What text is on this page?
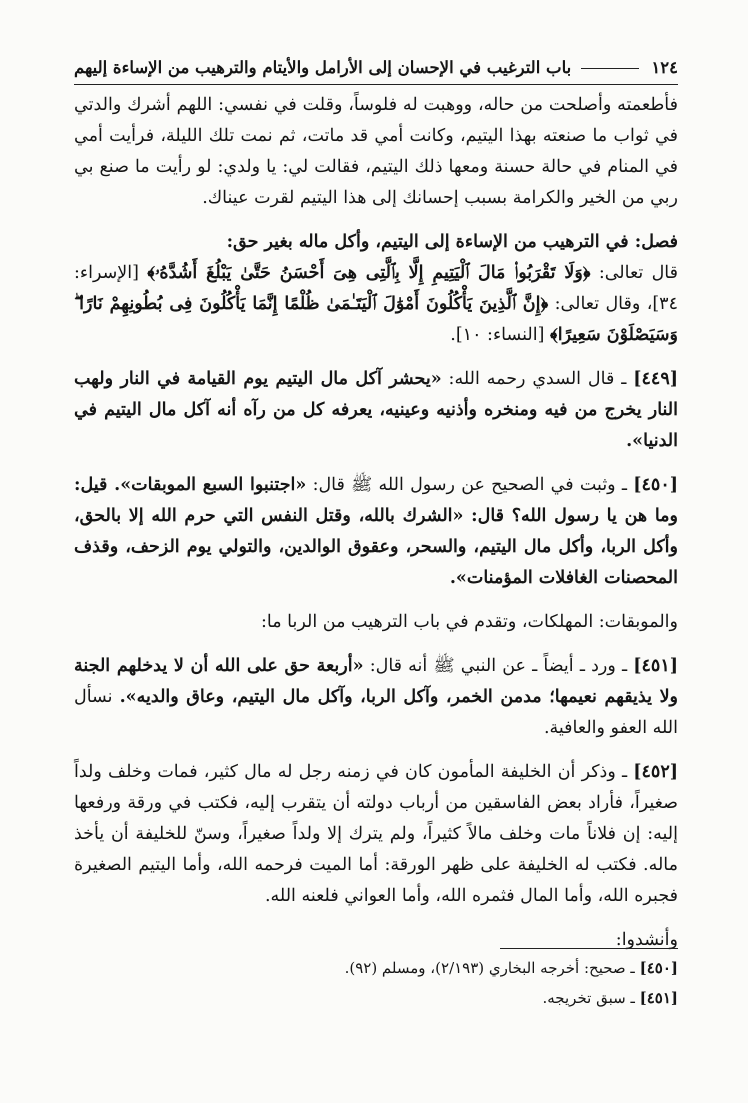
١٢٤
باب الترغيب في الإحسان إلى الأرامل والأيتام والترهيب من الإساءة إليهم

فأطعمته وأصلحت من حاله، ووهبت له فلوساً، وقلت في نفسي: اللهم أشرك والدتي في ثواب ما صنعته بهذا اليتيم، وكانت أمي قد ماتت، ثم نمت تلك الليلة، فرأيت أمي في المنام في حالة حسنة ومعها ذلك اليتيم، فقالت لي: يا ولدي: لو رأيت ما صنع بي ربي من الخير والكرامة بسبب إحسانك إلى هذا اليتيم لقرت عيناك.

فصل: في الترهيب من الإساءة إلى اليتيم، وأكل ماله بغير حق:

قال تعالى: ﴿وَلَا تَقْرَبُوا۟ مَالَ ٱلْيَتِيمِ إِلَّا بِٱلَّتِى هِىَ أَحْسَنُ حَتَّىٰ يَبْلُغَ أَشُدَّهُۥ﴾ [الإسراء: ٣٤]، وقال تعالى: ﴿إِنَّ ٱلَّذِينَ يَأْكُلُونَ أَمْوَٰلَ ٱلْيَتَـٰمَىٰ ظُلْمًا إِنَّمَا يَأْكُلُونَ فِى بُطُونِهِمْ نَارًا ۖ وَسَيَصْلَوْنَ سَعِيرًا﴾ [النساء: ١٠].

[٤٤٩] ـ قال السدي رحمه الله: «يحشر آكل مال اليتيم يوم القيامة في النار ولهب النار يخرج من فيه ومنخره وأذنيه وعينيه، يعرفه كل من رآه أنه آكل مال اليتيم في الدنيا».

[٤٥٠] ـ وثبت في الصحيح عن رسول الله ﷺ قال: «اجتنبوا السبع الموبقات». قيل: وما هن يا رسول الله؟ قال: «الشرك بالله، وقتل النفس التي حرم الله إلا بالحق، وأكل الربا، وأكل مال اليتيم، والسحر، وعقوق الوالدين، والتولي يوم الزحف، وقذف المحصنات الغافلات المؤمنات».

والموبقات: المهلكات، وتقدم في باب الترهيب من الربا ما:

[٤٥١] ـ ورد ـ أيضاً ـ عن النبي ﷺ أنه قال: «أربعة حق على الله أن لا يدخلهم الجنة ولا يذيقهم نعيمها؛ مدمن الخمر، وآكل الربا، وآكل مال اليتيم، وعاق والديه». نسأل الله العفو والعافية.

[٤٥٢] ـ وذكر أن الخليفة المأمون كان في زمنه رجل له مال كثير، فمات وخلف ولداً صغيراً، فأراد بعض الفاسقين من أرباب دولته أن يتقرب إليه، فكتب في ورقة ورفعها إليه: إن فلاناً مات وخلف مالاً كثيراً، ولم يترك إلا ولداً صغيراً، وسنّ للخليفة أن يأخذ ماله. فكتب له الخليفة على ظهر الورقة: أما الميت فرحمه الله، وأما اليتيم الصغيرة فجبره الله، وأما المال فثمره الله، وأما العواني فلعنه الله.

وأنشدوا:

[٤٥٠] ـ صحيح: أخرجه البخاري (٢/١٩٣)، ومسلم (٩٢).

[٤٥١] ـ سبق تخريجه.
